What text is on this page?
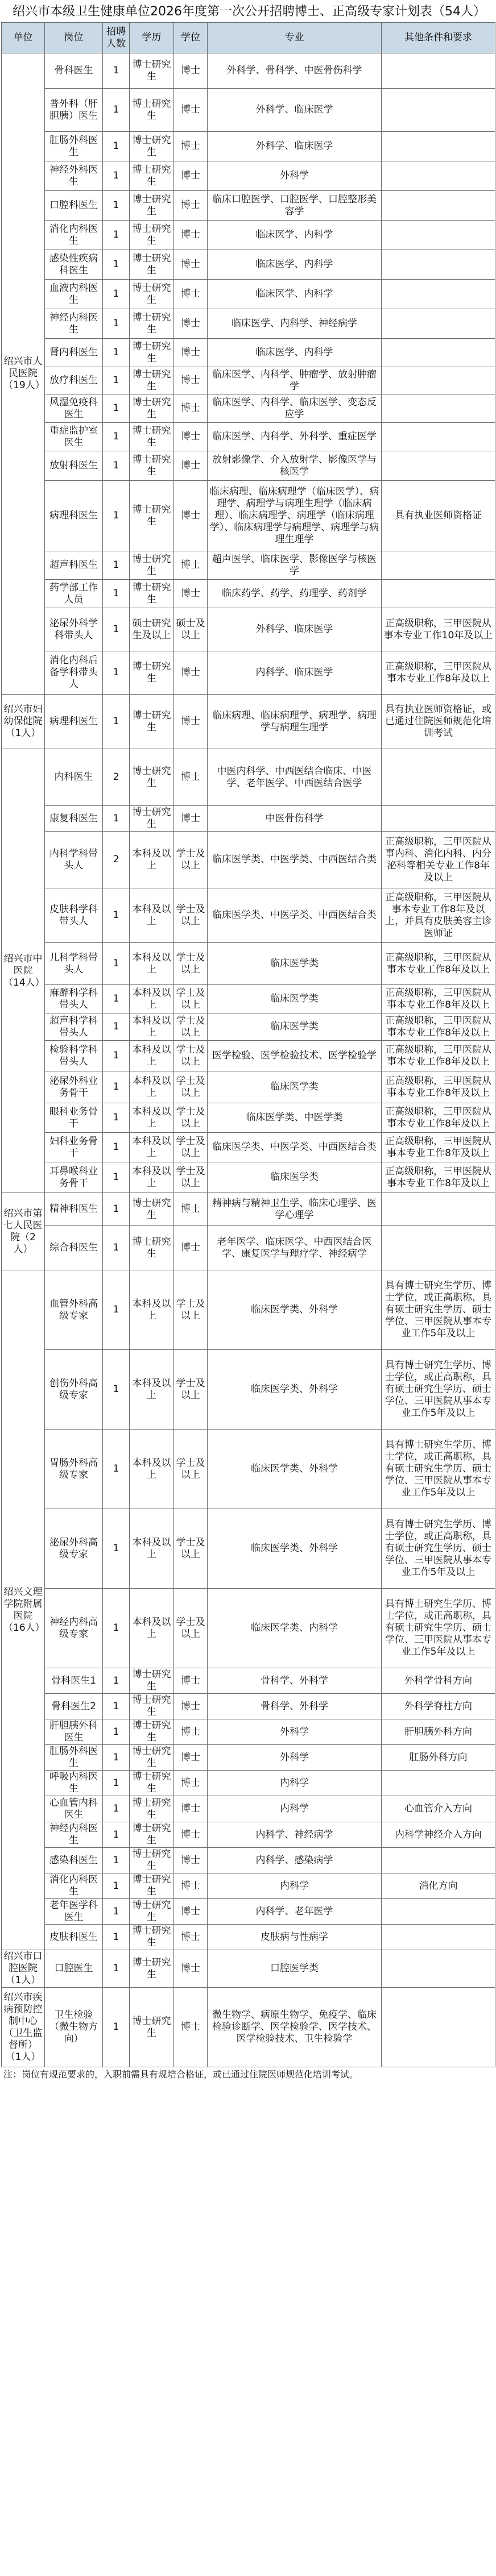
绍兴市本级卫生健康单位2026年度第一次公开招聘博士、正高级专家计划表（54人）
单位	岗位	招聘人数	学历	学位	专业	其他条件和要求
绍兴市人民医院（19人）	骨科医生	1	博士研究生	博士	外科学、骨科学、中医骨伤科学	
	普外科（肝胆胰）医生	1	博士研究生	博士	外科学、临床医学	
	肛肠外科医生	1	博士研究生	博士	外科学、临床医学	
	神经外科医生	1	博士研究生	博士	外科学	
	口腔科医生	1	博士研究生	博士	临床口腔医学、口腔医学、口腔整形美容学	
	消化内科医生	1	博士研究生	博士	临床医学、内科学	
	感染性疾病科医生	1	博士研究生	博士	临床医学、内科学	
	血液内科医生	1	博士研究生	博士	临床医学、内科学	
	神经内科医生	1	博士研究生	博士	临床医学、内科学、神经病学	
	肾内科医生	1	博士研究生	博士	临床医学、内科学	
	放疗科医生	1	博士研究生	博士	临床医学、内科学、肿瘤学、放射肿瘤学	
	风湿免疫科医生	1	博士研究生	博士	临床医学、内科学、临床医学、变态反应学	
	重症监护室医生	1	博士研究生	博士	临床医学、内科学、外科学、重症医学	
	放射科医生	1	博士研究生	博士	放射影像学、介入放射学、影像医学与核医学	
	病理科医生	1	博士研究生	博士	临床病理、临床病理学（临床医学）、病理学、病理学与病理生理学（临床病理）、临床病理学、病理学（临床病理学）、临床病理学与病理学、病理学与病理生理学	具有执业医师资格证
	超声科医生	1	博士研究生	博士	超声医学、临床医学、影像医学与核医学	
	药学部工作人员	1	博士研究生	博士	临床药学、药学、药理学、药剂学	
	泌尿外科学科带头人	1	硕士研究生及以上	硕士及以上	外科学、临床医学	正高级职称，三甲医院从事本专业工作10年及以上
	消化内科后备学科带头人	1	博士研究生	博士	内科学、临床医学	正高级职称，三甲医院从事本专业工作8年及以上
绍兴市妇幼保健院（1人）	病理科医生	1	博士研究生	博士	临床病理、临床病理学、病理学、病理学与病理生理学	具有执业医师资格证，或已通过住院医师规范化培训考试
绍兴市中医院（14人）	内科医生	2	博士研究生	博士	中医内科学、中西医结合临床、中医学、老年医学、中西医结合医学	
	康复科医生	1	博士研究生	博士	中医骨伤科学	
	内科学科带头人	2	本科及以上	学士及以上	临床医学类、中医学类、中西医结合类	正高级职称，三甲医院从事内科、消化内科、内分泌科等相关专业工作8年及以上
	皮肤科学科带头人	1	本科及以上	学士及以上	临床医学类、中医学类、中西医结合类	正高级职称，三甲医院从事本专业工作8年及以上，并具有皮肤美容主诊医师证
	儿科学科带头人	1	本科及以上	学士及以上	临床医学类	正高级职称，三甲医院从事本专业工作8年及以上
	麻醉科学科带头人	1	本科及以上	学士及以上	临床医学类	正高级职称，三甲医院从事本专业工作8年及以上
	超声科学科带头人	1	本科及以上	学士及以上	临床医学类	正高级职称，三甲医院从事本专业工作8年及以上
	检验科学科带头人	1	本科及以上	学士及以上	医学检验、医学检验技术、医学检验学	正高级职称，三甲医院从事本专业工作8年及以上
	泌尿外科业务骨干	1	本科及以上	学士及以上	临床医学类	正高级职称，三甲医院从事本专业工作8年及以上
	眼科业务骨干	1	本科及以上	学士及以上	临床医学类、中医学类	正高级职称，三甲医院从事本专业工作8年及以上
	妇科业务骨干	1	本科及以上	学士及以上	临床医学类、中医学类、中西医结合类	正高级职称，三甲医院从事本专业工作8年及以上
	耳鼻喉科业务骨干	1	本科及以上	学士及以上	临床医学类	正高级职称，三甲医院从事本专业工作8年及以上
绍兴市第七人民医院（2人）	精神科医生	1	博士研究生	博士	精神病与精神卫生学、临床心理学、医学心理学	
	综合科医生	1	博士研究生	博士	老年医学、临床医学、中西医结合医学、康复医学与理疗学、神经病学	
绍兴文理学院附属医院（16人）	血管外科高级专家	1	本科及以上	学士及以上	临床医学类、外科学	具有博士研究生学历、博士学位，或正高职称，具有硕士研究生学历、硕士学位、三甲医院从事本专业工作5年及以上
	创伤外科高级专家	1	本科及以上	学士及以上	临床医学类、外科学	具有博士研究生学历、博士学位，或正高职称，具有硕士研究生学历、硕士学位、三甲医院从事本专业工作5年及以上
	胃肠外科高级专家	1	本科及以上	学士及以上	临床医学类、外科学	具有博士研究生学历、博士学位，或正高职称，具有硕士研究生学历、硕士学位、三甲医院从事本专业工作5年及以上
	泌尿外科高级专家	1	本科及以上	学士及以上	临床医学类、外科学	具有博士研究生学历、博士学位，或正高职称，具有硕士研究生学历、硕士学位、三甲医院从事本专业工作5年及以上
	神经内科高级专家	1	本科及以上	学士及以上	临床医学类、内科学	具有博士研究生学历、博士学位，或正高职称，具有硕士研究生学历、硕士学位、三甲医院从事本专业工作5年及以上
	骨科医生1	1	博士研究生	博士	骨科学、外科学	外科学骨科方向
	骨科医生2	1	博士研究生	博士	骨科学、外科学	外科学脊柱方向
	肝胆胰外科医生	1	博士研究生	博士	外科学	肝胆胰外科方向
	肛肠外科医生	1	博士研究生	博士	外科学	肛肠外科方向
	呼吸内科医生	1	博士研究生	博士	内科学	
	心血管内科医生	1	博士研究生	博士	内科学	心血管介入方向
	神经内科医生	1	博士研究生	博士	内科学、神经病学	内科学神经介入方向
	感染科医生	1	博士研究生	博士	内科学、感染病学	
	消化内科医生	1	博士研究生	博士	内科学	消化方向
	老年医学科医生	1	博士研究生	博士	内科学、老年医学	
	皮肤科医生	1	博士研究生	博士	皮肤病与性病学	
绍兴市口腔医院（1人）	口腔医生	1	博士研究生	博士	口腔医学类	
绍兴市疾病预防控制中心（卫生监督所）（1人）	卫生检验（微生物方向）	1	博士研究生	博士	微生物学、病原生物学、免疫学、临床检验诊断学、医学检验学、医学技术、医学检验技术、卫生检验学	
注：岗位有规范要求的，入职前需具有规培合格证，或已通过住院医师规范化培训考试。
